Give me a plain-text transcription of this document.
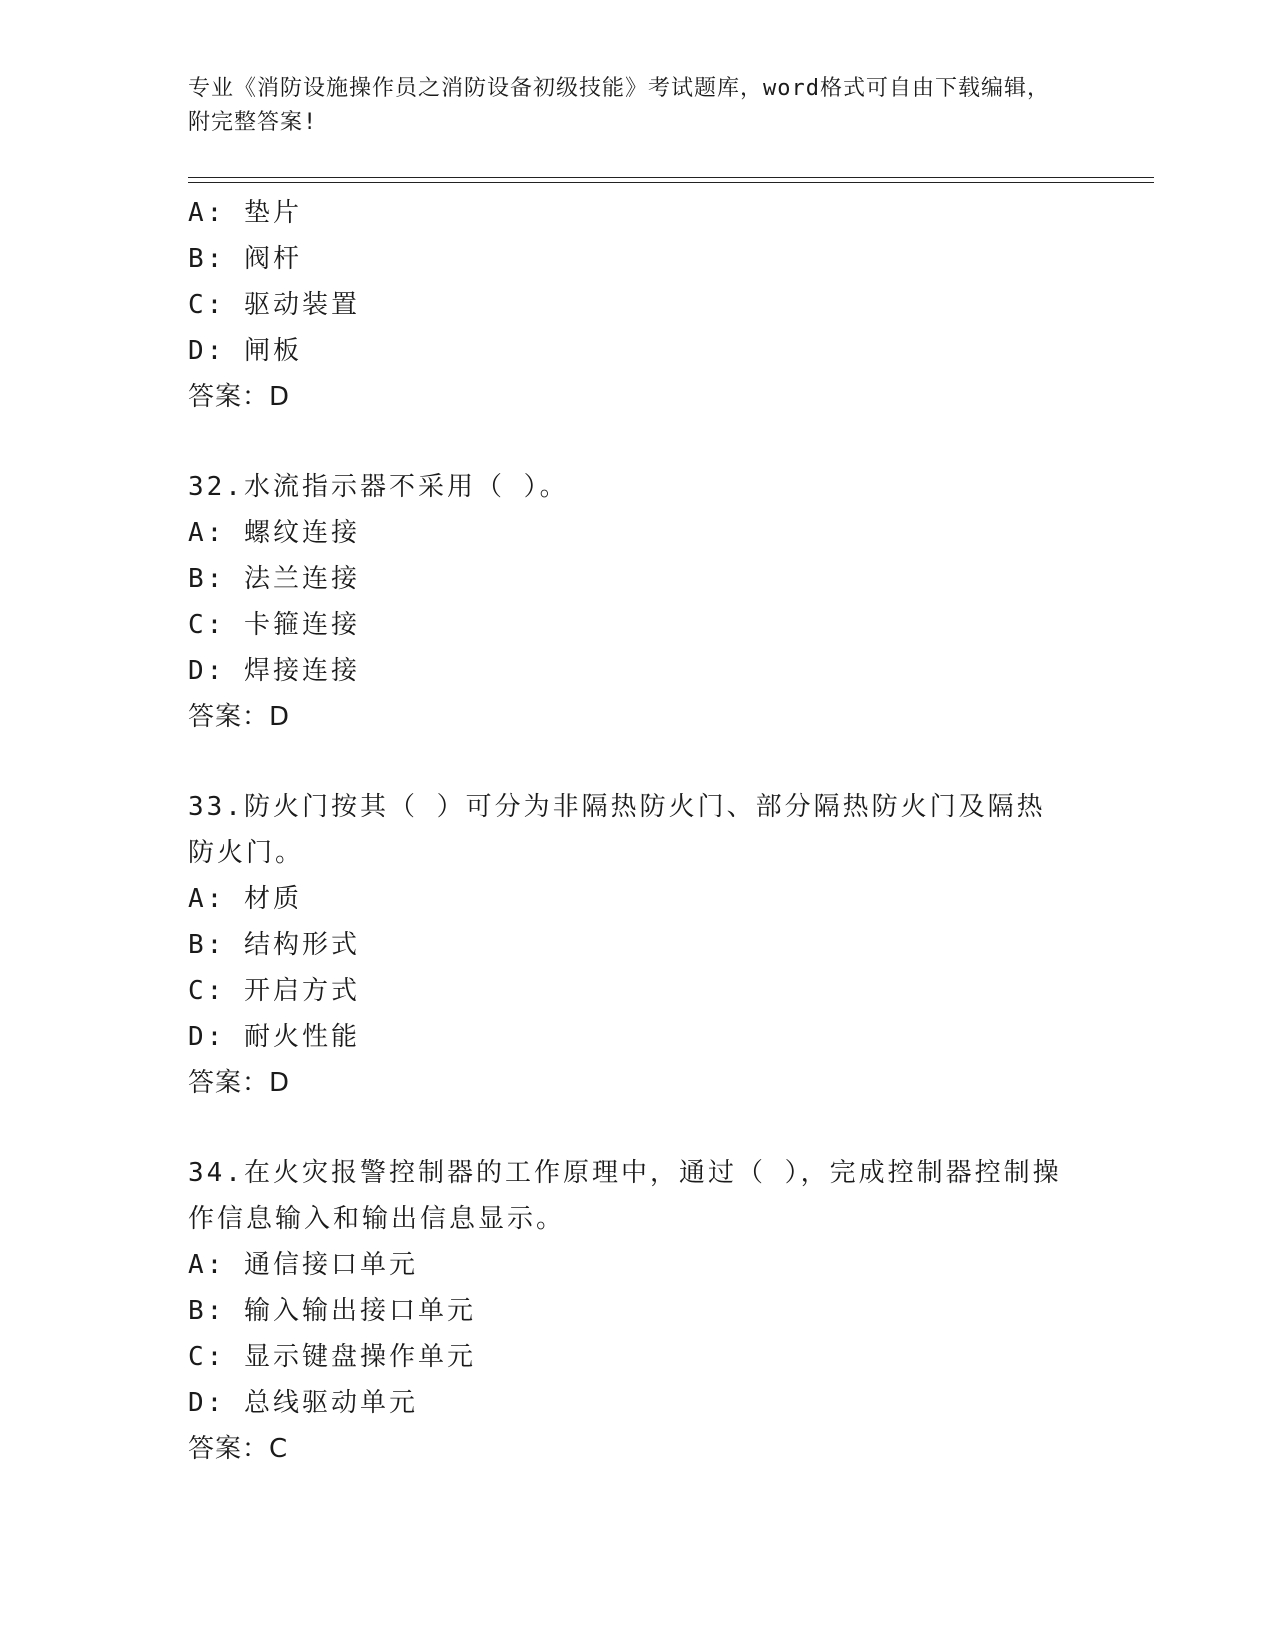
专业《消防设施操作员之消防设备初级技能》考试题库，word格式可自由下载编辑，附完整答案!
A: 垫片
B: 阀杆
C: 驱动装置
D: 闸板
答案：D
32.水流指示器不采用（ ）。
A: 螺纹连接
B: 法兰连接
C: 卡箍连接
D: 焊接连接
答案：D
33.防火门按其（ ）可分为非隔热防火门、部分隔热防火门及隔热防火门。
A: 材质
B: 结构形式
C: 开启方式
D: 耐火性能
答案：D
34.在火灾报警控制器的工作原理中，通过（ ），完成控制器控制操作信息输入和输出信息显示。
A: 通信接口单元
B: 输入输出接口单元
C: 显示键盘操作单元
D: 总线驱动单元
答案：C
